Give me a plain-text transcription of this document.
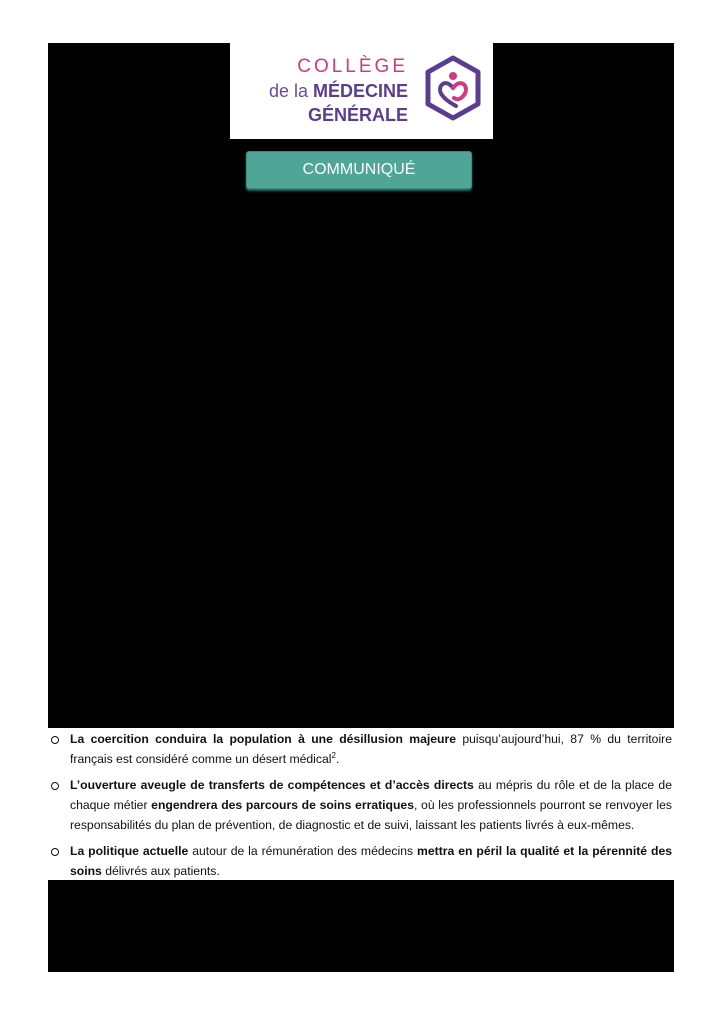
COLLÈGE
de la MÉDECINE
GÉNÉRALE
COMMUNIQUÉ
La coercition conduira la population à une désillusion majeure puisqu’aujourd’hui, 87 % du territoire français est considéré comme un désert médical$^2$.
L’ouverture aveugle de transferts de compétences et d’accès directs au mépris du rôle et de la place de chaque métier engendrera des parcours de soins erratiques, où les professionnels pourront se renvoyer les responsabilités du plan de prévention, de diagnostic et de suivi, laissant les patients livrés à eux-mêmes.
La politique actuelle autour de la rémunération des médecins mettra en péril la qualité et la pérennité des soins délivrés aux patients.
